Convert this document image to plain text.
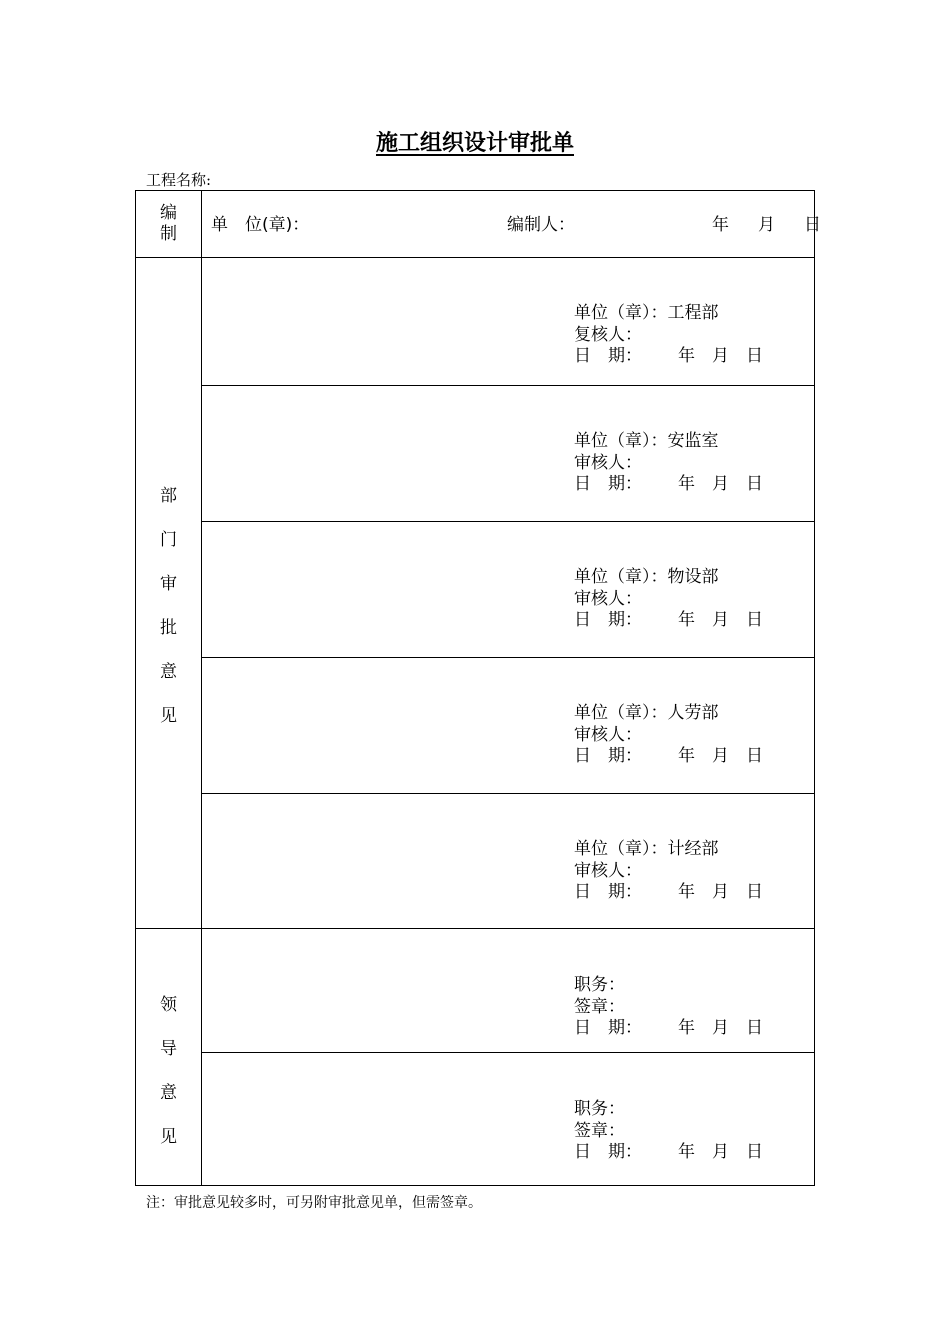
施工组织设计审批单
工程名称:
编
制	单　位(章)：	编制人：	年　月　日
部
门
审
批
意
见
单位（章）：工程部
复核人：
日　期： 年　月　日
单位（章）：安监室
审核人：
日　期： 年　月　日
单位（章）：物设部
审核人：
日　期： 年　月　日
单位（章）：人劳部
审核人：
日　期： 年　月　日
单位（章）：计经部
审核人：
日　期： 年　月　日
领
导
意
见
职务：
签章：
日　期： 年　月　日
职务：
签章：
日　期： 年　月　日
注：审批意见较多时，可另附审批意见单，但需签章。
